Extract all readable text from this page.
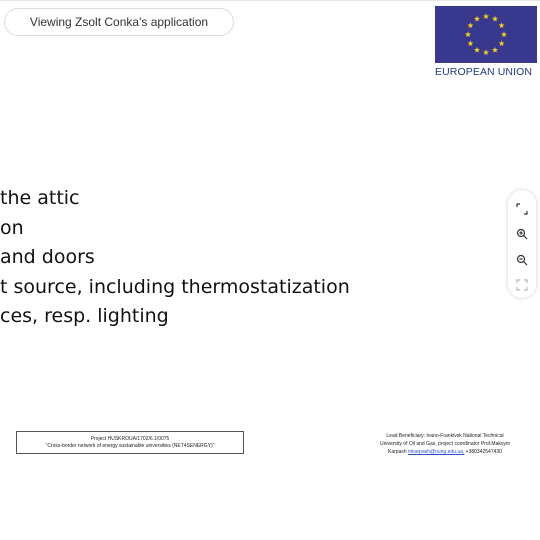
Viewing Zsolt Conka's application
EUROPEAN UNION
the attic
on
and doors
t source, including thermostatization
ces, resp. lighting
Project HUSKROUA/1702/6.1/0075
“Cross-border network of energy sustainable universities (NET4SENERGY)”
Lead Beneficiary: Ivano-Frankivsk National Technical
University of Oil and Gas, project coordinator Prof.Maksym
Karpash mkarpash@nung.edu.ua, +380342547430
